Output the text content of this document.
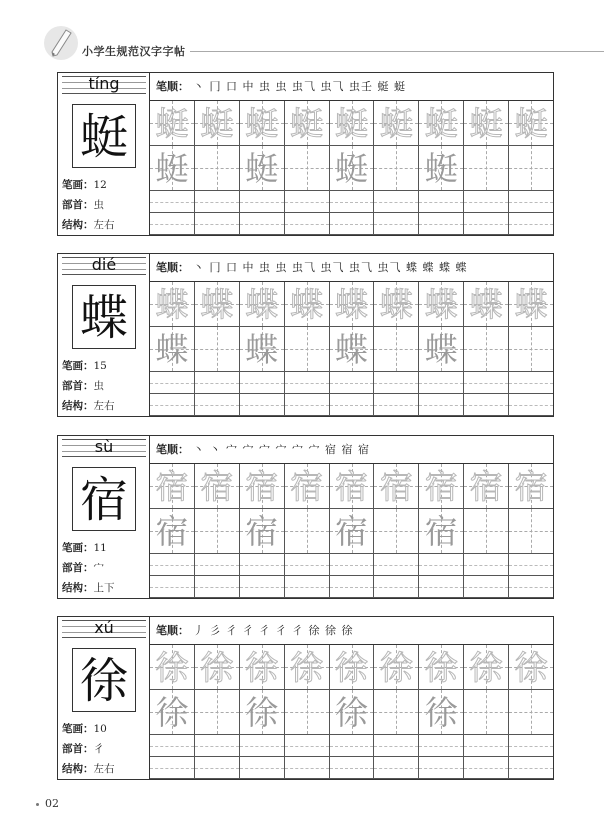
小学生规范汉字字帖
tíng
蜓
笔画：12
部首：虫
结构：左右
笔顺： 丶 冂 口 中 虫 虫 虫⺄ 虫⺄ 虫壬 蜓 蜓
蜓 蜓 蜓 蜓 蜓 蜓 蜓 蜓 蜓
蜓 蜓 蜓 蜓
dié
蝶
笔画：15
部首：虫
结构：左右
笔顺： 丶 冂 口 中 虫 虫 虫⺄ 虫⺄ 虫⺄ 虫⺄ 蝶 蝶 蝶 蝶
蝶 蝶 蝶 蝶 蝶 蝶 蝶 蝶 蝶
蝶 蝶 蝶 蝶
sù
宿
笔画：11
部首：宀
结构：上下
笔顺： 丶 丶 宀 宀 宀 宀 宀 宀 宿 宿 宿
宿 宿 宿 宿 宿 宿 宿 宿 宿
宿 宿 宿 宿
xú
徐
笔画：10
部首：彳
结构：左右
笔顺： 丿 彡 彳 彳 彳 彳 彳 徐 徐 徐
徐 徐 徐 徐 徐 徐 徐 徐 徐
徐 徐 徐 徐
02
